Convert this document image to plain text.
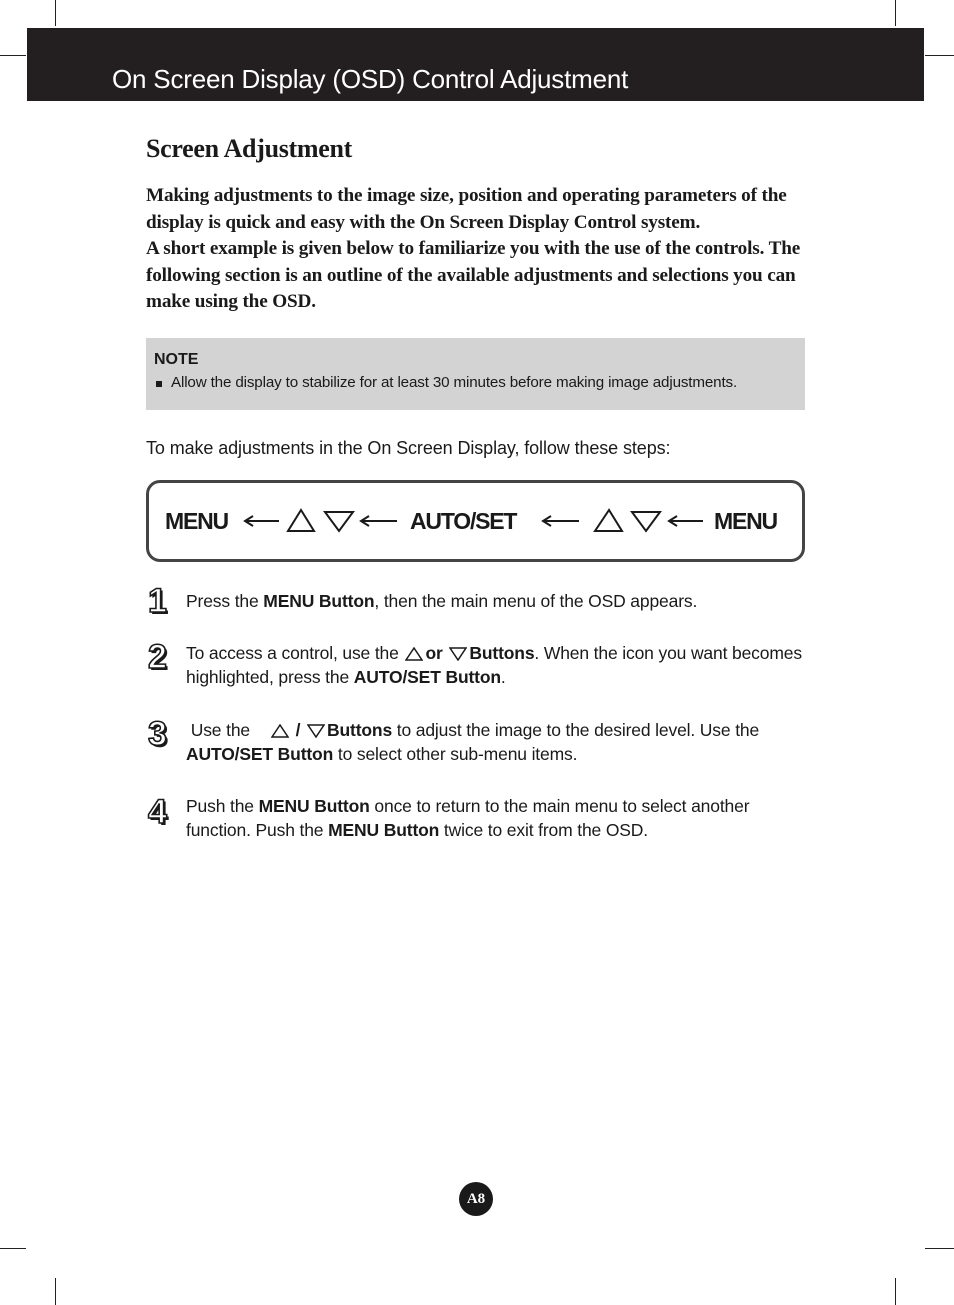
On Screen Display (OSD) Control Adjustment
Screen Adjustment

Making adjustments to the image size, position and operating parameters of the display is quick and easy with the On Screen Display Control system.

A short example is given below to familiarize you with the use of the controls. The following section is an outline of the available adjustments and selections you can make using the OSD.

NOTE
Allow the display to stabilize for at least 30 minutes before making image adjustments.
To make adjustments in the On Screen Display, follow these steps:
MENU	AUTO/SET	MENU
1 Press the MENU Button, then the main menu of the OSD appears.
2 To access a control, use the or Buttons. When the icon you want becomes highlighted, press the AUTO/SET Button.
3 Use the	/ Buttons to adjust the image to the desired level. Use the AUTO/SET Button to select other sub-menu items.
4 Push the MENU Button once to return to the main menu to select another function. Push the MENU Button twice to exit from the OSD.
A8
